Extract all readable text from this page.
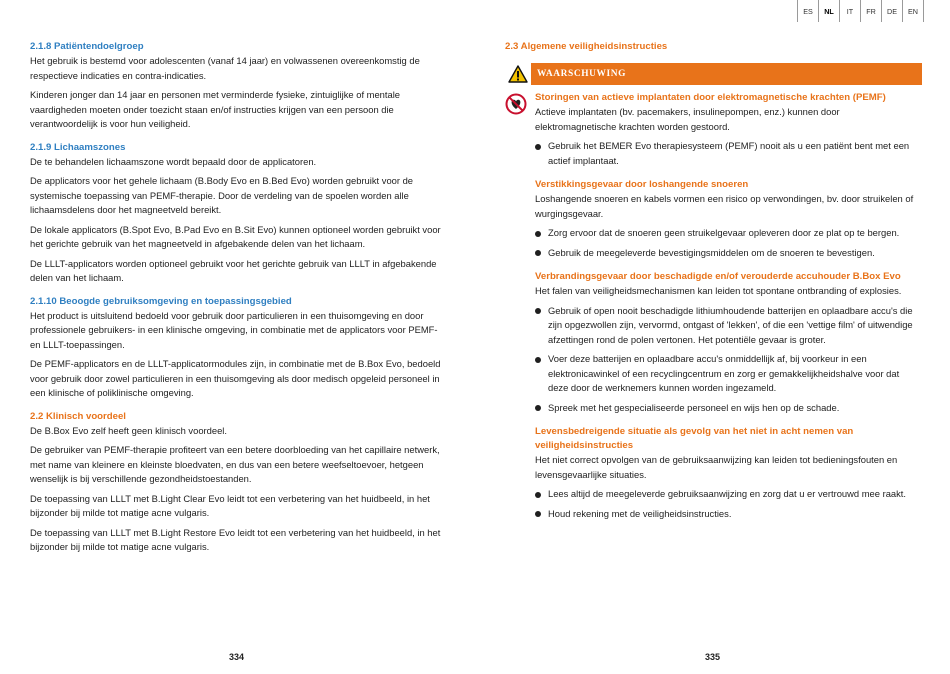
2.1.8 Patiëntendoelgroep

Het gebruik is bestemd voor adolescenten (vanaf 14 jaar) en volwassenen overeenkomstig de respectieve indicaties en contra-indicaties.

Kinderen jonger dan 14 jaar en personen met verminderde fysieke, zintuiglijke of mentale vaardigheden moeten onder toezicht staan en/of instructies krijgen van een persoon die verantwoordelijk is voor hun veiligheid.

2.1.9 Lichaamszones

De te behandelen lichaamszone wordt bepaald door de applicatoren.

De applicators voor het gehele lichaam (B.Body Evo en B.Bed Evo) worden gebruikt voor de systemische toepassing van PEMF-therapie. Door de verdeling van de spoelen worden alle lichaamsdelens door het magneetveld bereikt.

De lokale applicators (B.Spot Evo, B.Pad Evo en B.Sit Evo) kunnen optioneel worden gebruikt voor het gerichte gebruik van het magneetveld in afgebakende delen van het lichaam.

De LLLT-applicators worden optioneel gebruikt voor het gerichte gebruik van LLLT in afgebakende delen van het lichaam.

2.1.10 Beoogde gebruiksomgeving en toepassingsgebied

Het product is uitsluitend bedoeld voor gebruik door particulieren in een thuisomgeving en door professionele gebruikers- in een klinische omgeving, in combinatie met de applicators voor PEMF- en LLLT-toepassingen.

De PEMF-applicators en de LLLT-applicatormodules zijn, in combinatie met de B.Box Evo, bedoeld voor gebruik door zowel particulieren in een thuisomgeving als door medisch opgeleid personeel in een klinische of poliklinische omgeving.

2.2 Klinisch voordeel

De B.Box Evo zelf heeft geen klinisch voordeel.

De gebruiker van PEMF-therapie profiteert van een betere doorbloeding van het capillaire netwerk, met name van kleinere en kleinste bloedvaten, en dus van een betere weefseltoevoer, hetgeen wenselijk is bij verschillende gezondheidstoestanden.

De toepassing van LLLT met B.Light Clear Evo leidt tot een verbetering van het huidbeeld, in het bijzonder bij milde tot matige acne vulgaris.

De toepassing van LLLT met B.Light Restore Evo leidt tot een verbetering van het huidbeeld, in het bijzonder bij milde tot matige acne vulgaris.

334
ES	NL	IT	FR	DE	EN
2.3 Algemene veiligheidsinstructies
WAARSCHUWING
Storingen van actieve implantaten door elektromagnetische krachten (PEMF)

Actieve implantaten (bv. pacemakers, insulinepompen, enz.) kunnen door elektromagnetische krachten worden gestoord.

Gebruik het BEMER Evo therapiesysteem (PEMF) nooit als u een patiënt bent met een actief implantaat.
Verstikkingsgevaar door loshangende snoeren

Loshangende snoeren en kabels vormen een risico op verwondingen, bv. door struikelen of wurgingsgevaar.

Zorg ervoor dat de snoeren geen struikelgevaar opleveren door ze plat op te bergen.
Gebruik de meegeleverde bevestigingsmiddelen om de snoeren te bevestigen.
Verbrandingsgevaar door beschadigde en/of verouderde accuhouder B.Box Evo

Het falen van veiligheidsmechanismen kan leiden tot spontane ontbranding of explosies.

Gebruik of open nooit beschadigde lithiumhoudende batterijen en oplaadbare accu's die zijn opgezwollen zijn, vervormd, ontgast of 'lekken', of die een 'vettige film' of uitwendige afzettingen rond de polen vertonen. Het potentiële gevaar is groter.
Voer deze batterijen en oplaadbare accu's onmiddellijk af, bij voorkeur in een elektronicawinkel of een recyclingcentrum en zorg er gemakkelijkheidshalve voor dat deze door de werknemers kunnen worden ingezameld.
Spreek met het gespecialiseerde personeel en wijs hen op de schade.
Levensbedreigende situatie als gevolg van het niet in acht nemen van veiligheidsinstructies

Het niet correct opvolgen van de gebruiksaanwijzing kan leiden tot bedieningsfouten en levensgevaarlijke situaties.

Lees altijd de meegeleverde gebruiksaanwijzing en zorg dat u er vertrouwd mee raakt.
Houd rekening met de veiligheidsinstructies.
335
